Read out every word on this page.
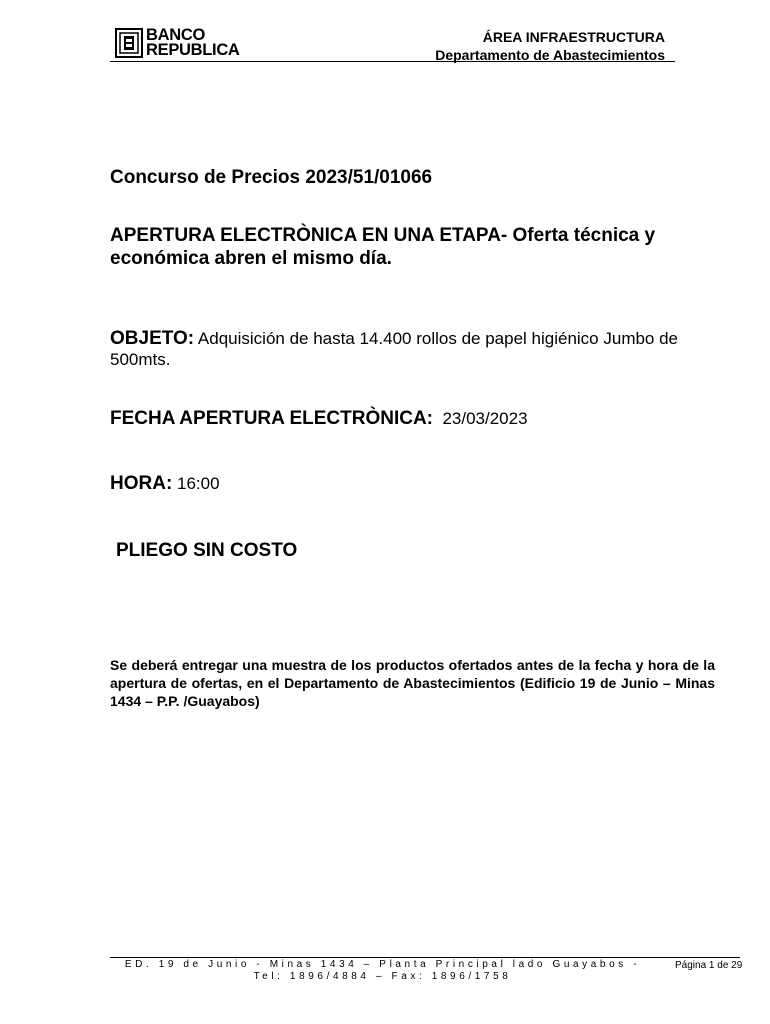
BANCO
REPUBLICA
ÁREA INFRAESTRUCTURA
Departamento de Abastecimientos

Concurso de Precios 2023/51/01066

APERTURA ELECTRÒNICA EN UNA ETAPA- Oferta técnica y económica abren el mismo día.

OBJETO: Adquisición de hasta 14.400 rollos de papel higiénico Jumbo de 500mts.

FECHA APERTURA ELECTRÒNICA: 23/03/2023

HORA: 16:00

PLIEGO SIN COSTO

Se deberá entregar una muestra de los productos ofertados antes de la fecha y hora de la apertura de ofertas, en el Departamento de Abastecimientos (Edificio 19 de Junio – Minas 1434 – P.P. /Guayabos)

ED. 19 de Junio - Minas 1434 – Planta Principal lado Guayabos -
Tel: 1896/4884 – Fax: 1896/1758
Página 1 de 29
